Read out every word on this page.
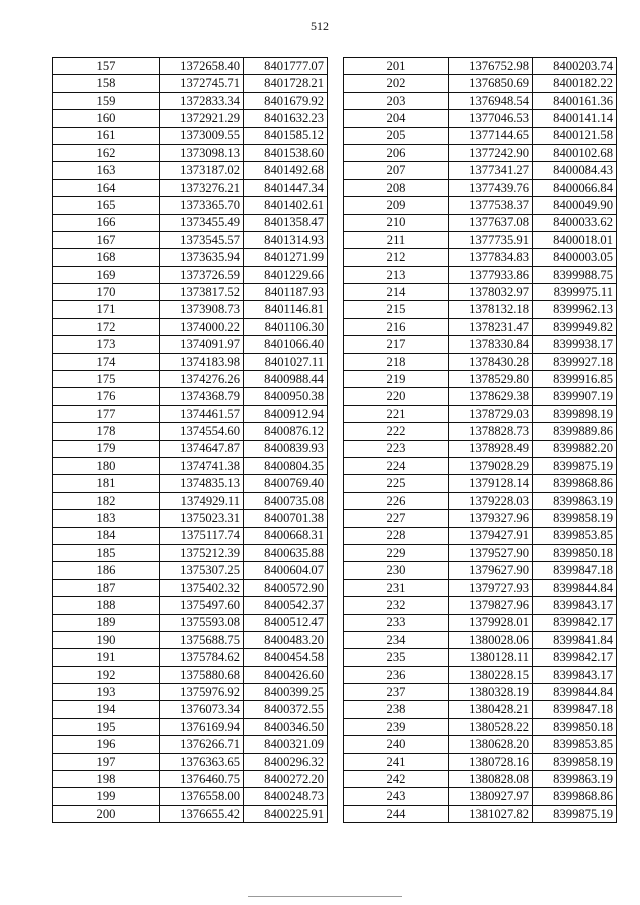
512
157	1372658.40	8401777.07
158	1372745.71	8401728.21
159	1372833.34	8401679.92
160	1372921.29	8401632.23
161	1373009.55	8401585.12
162	1373098.13	8401538.60
163	1373187.02	8401492.68
164	1373276.21	8401447.34
165	1373365.70	8401402.61
166	1373455.49	8401358.47
167	1373545.57	8401314.93
168	1373635.94	8401271.99
169	1373726.59	8401229.66
170	1373817.52	8401187.93
171	1373908.73	8401146.81
172	1374000.22	8401106.30
173	1374091.97	8401066.40
174	1374183.98	8401027.11
175	1374276.26	8400988.44
176	1374368.79	8400950.38
177	1374461.57	8400912.94
178	1374554.60	8400876.12
179	1374647.87	8400839.93
180	1374741.38	8400804.35
181	1374835.13	8400769.40
182	1374929.11	8400735.08
183	1375023.31	8400701.38
184	1375117.74	8400668.31
185	1375212.39	8400635.88
186	1375307.25	8400604.07
187	1375402.32	8400572.90
188	1375497.60	8400542.37
189	1375593.08	8400512.47
190	1375688.75	8400483.20
191	1375784.62	8400454.58
192	1375880.68	8400426.60
193	1375976.92	8400399.25
194	1376073.34	8400372.55
195	1376169.94	8400346.50
196	1376266.71	8400321.09
197	1376363.65	8400296.32
198	1376460.75	8400272.20
199	1376558.00	8400248.73
200	1376655.42	8400225.91
201	1376752.98	8400203.74
202	1376850.69	8400182.22
203	1376948.54	8400161.36
204	1377046.53	8400141.14
205	1377144.65	8400121.58
206	1377242.90	8400102.68
207	1377341.27	8400084.43
208	1377439.76	8400066.84
209	1377538.37	8400049.90
210	1377637.08	8400033.62
211	1377735.91	8400018.01
212	1377834.83	8400003.05
213	1377933.86	8399988.75
214	1378032.97	8399975.11
215	1378132.18	8399962.13
216	1378231.47	8399949.82
217	1378330.84	8399938.17
218	1378430.28	8399927.18
219	1378529.80	8399916.85
220	1378629.38	8399907.19
221	1378729.03	8399898.19
222	1378828.73	8399889.86
223	1378928.49	8399882.20
224	1379028.29	8399875.19
225	1379128.14	8399868.86
226	1379228.03	8399863.19
227	1379327.96	8399858.19
228	1379427.91	8399853.85
229	1379527.90	8399850.18
230	1379627.90	8399847.18
231	1379727.93	8399844.84
232	1379827.96	8399843.17
233	1379928.01	8399842.17
234	1380028.06	8399841.84
235	1380128.11	8399842.17
236	1380228.15	8399843.17
237	1380328.19	8399844.84
238	1380428.21	8399847.18
239	1380528.22	8399850.18
240	1380628.20	8399853.85
241	1380728.16	8399858.19
242	1380828.08	8399863.19
243	1380927.97	8399868.86
244	1381027.82	8399875.19
